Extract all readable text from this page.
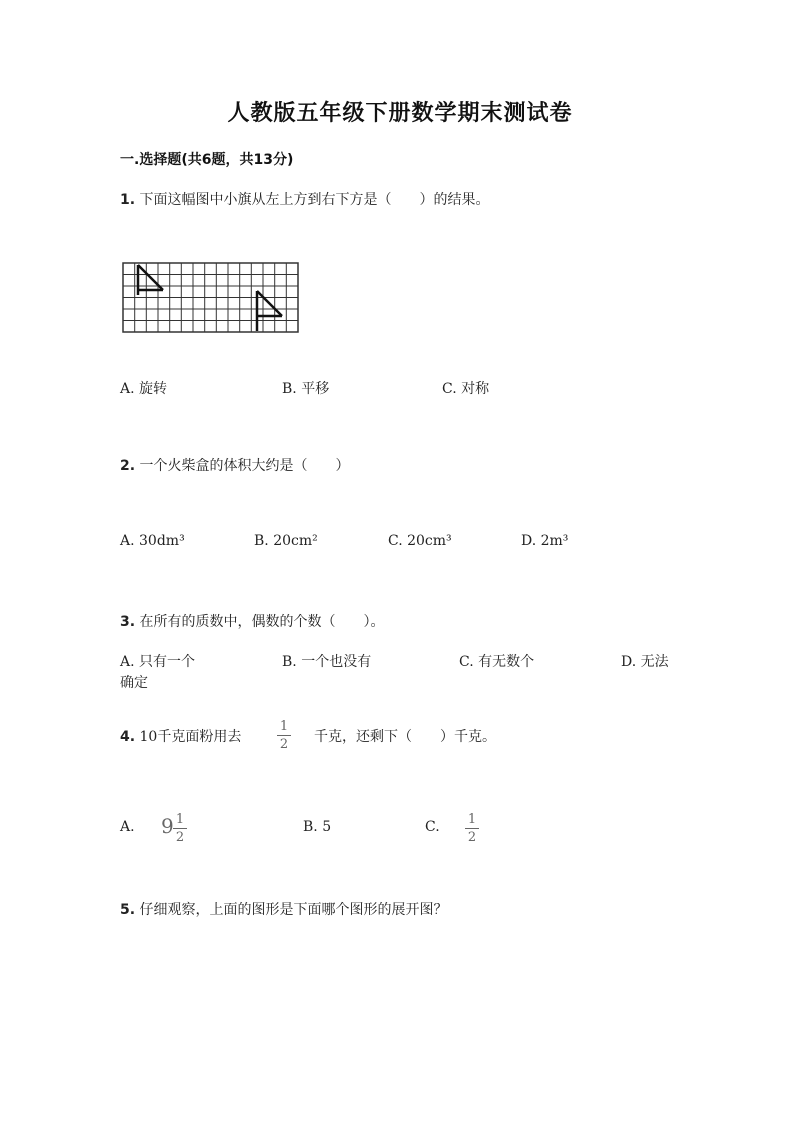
人教版五年级下册数学期末测试卷
一.选择题(共6题，共13分)
1. 下面这幅图中小旗从左上方到右下方是（　　）的结果。
A. 旋转	B. 平移	C. 对称
2. 一个火柴盒的体积大约是（　　）
A. 30dm³	B. 20cm²	C. 20cm³	D. 2m³
3. 在所有的质数中，偶数的个数（　　）。
A. 只有一个	B. 一个也没有	C. 有无数个	D. 无法
确定
4. 10千克面粉用去
1
2 千克，还剩下（　　）千克。
A. 9 1
2
B. 5	C. 1
2
5. 仔细观察，上面的图形是下面哪个图形的展开图？
